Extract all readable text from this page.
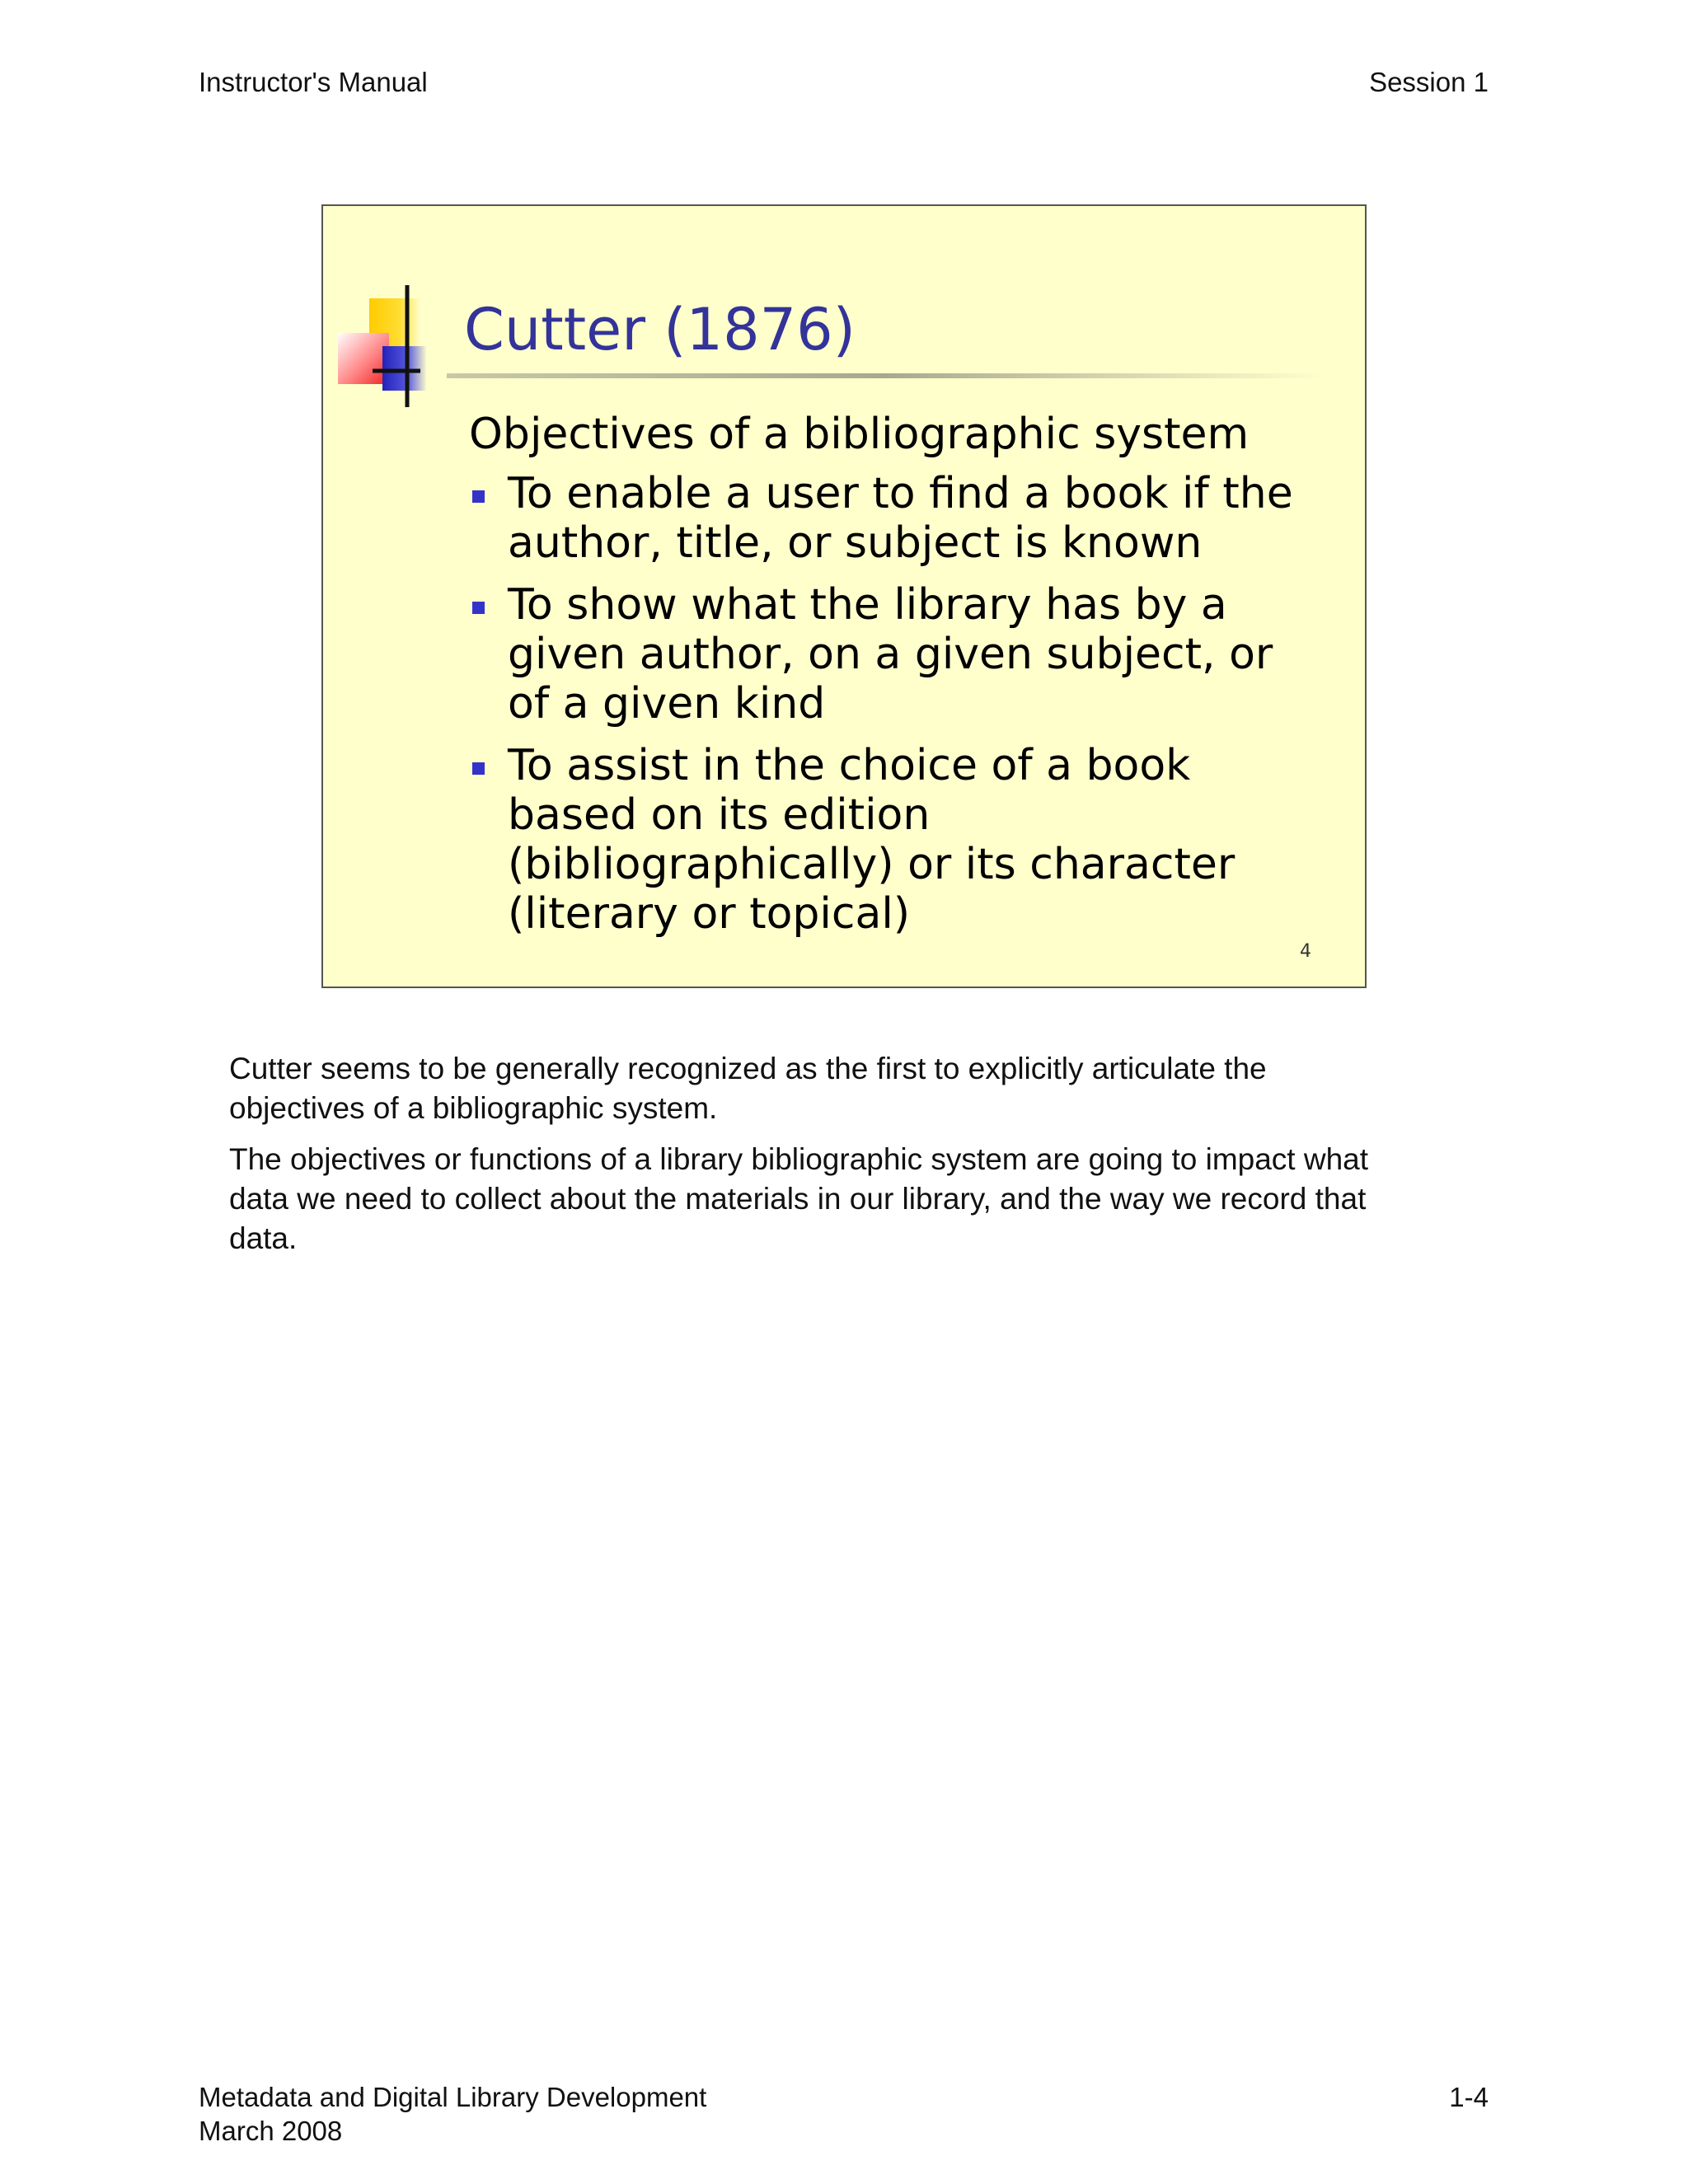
Instructor's Manual	Session 1
Cutter (1876)
Objectives of a bibliographic system
To enable a user to find a book if the author, title, or subject is known
To show what the library has by a given author, on a given subject, or of a given kind
To assist in the choice of a book based on its edition (bibliographically) or its character (literary or topical)
4

Cutter seems to be generally recognized as the first to explicitly articulate the objectives of a bibliographic system.

The objectives or functions of a library bibliographic system are going to impact what data we need to collect about the materials in our library, and the way we record that data.

Metadata and Digital Library Development
March 2008
1-4
